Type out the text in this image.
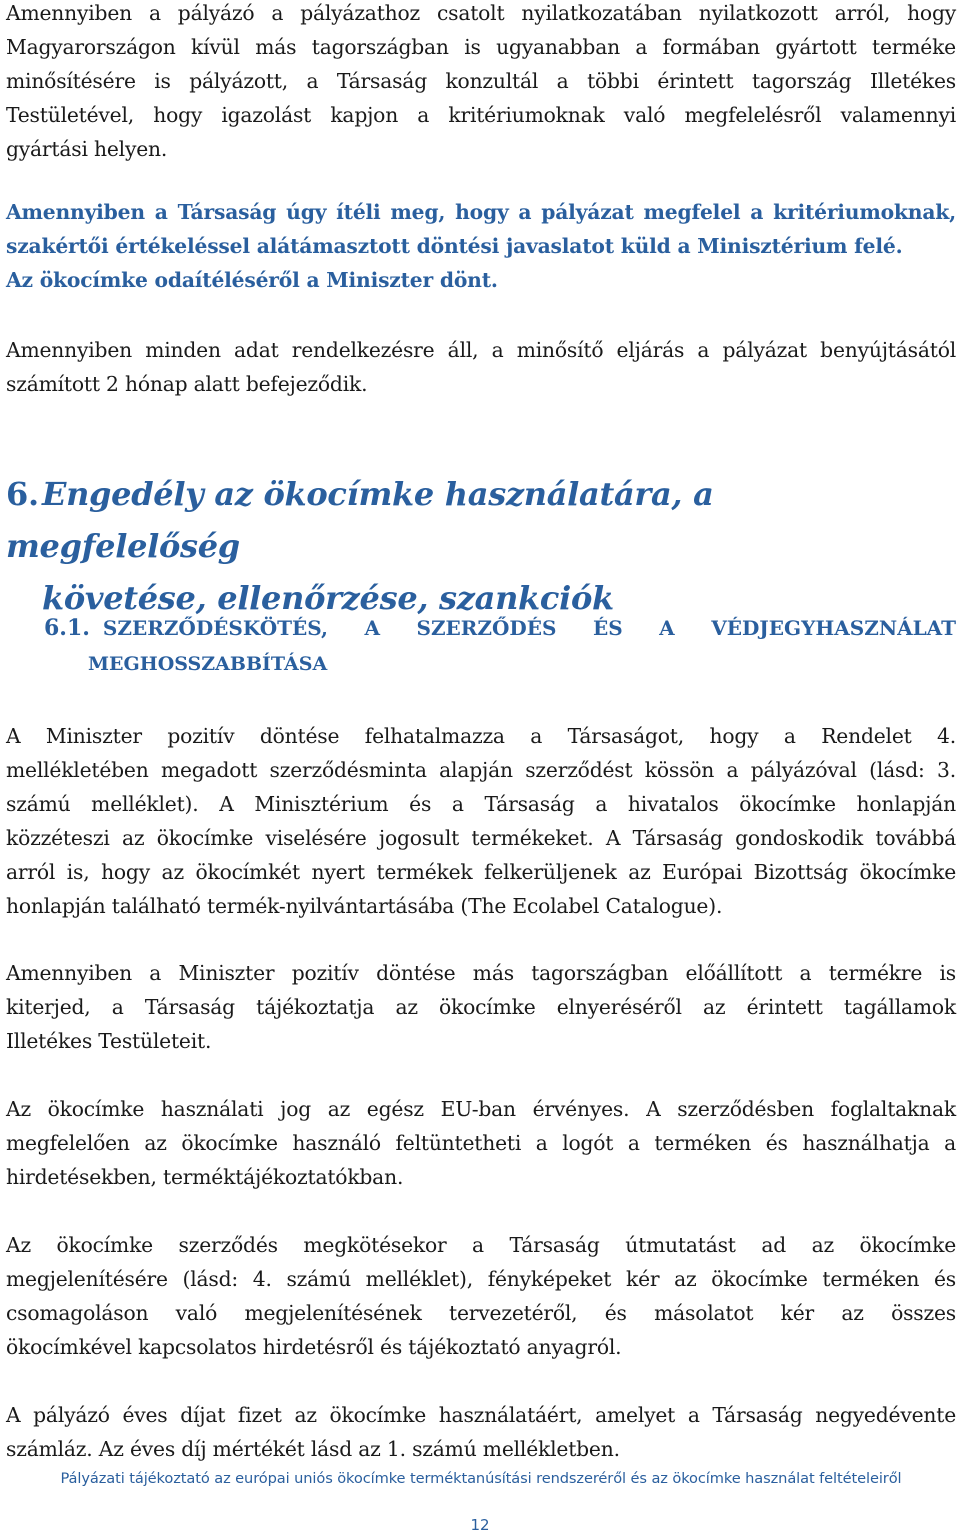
Amennyiben a pályázó a pályázathoz csatolt nyilatkozatában nyilatkozott arról, hogy
Magyarországon kívül más tagországban is ugyanabban a formában gyártott terméke
minősítésére is pályázott, a Társaság konzultál a többi érintett tagország Illetékes
Testületével, hogy igazolást kapjon a kritériumoknak való megfelelésről valamennyi
gyártási helyen.

Amennyiben a Társaság úgy ítéli meg, hogy a pályázat megfelel a kritériumoknak,
szakértői értékeléssel alátámasztott döntési javaslatot küld a Minisztérium felé.
Az ökocímke odaítéléséről a Miniszter dönt.

Amennyiben minden adat rendelkezésre áll, a minősítő eljárás a pályázat benyújtásától
számított 2 hónap alatt befejeződik.

6.Engedély az ökocímke használatára, a megfelelőség
követése, ellenőrzése, szankciók
6.1. SZERZŐDÉSKÖTÉS, A SZERZŐDÉS ÉS A VÉDJEGYHASZNÁLAT
MEGHOSSZABBÍTÁSA

A Miniszter pozitív döntése felhatalmazza a Társaságot, hogy a Rendelet 4.
mellékletében megadott szerződésminta alapján szerződést kössön a pályázóval (lásd: 3.
számú melléklet). A Minisztérium és a Társaság a hivatalos ökocímke honlapján
közzéteszi az ökocímke viselésére jogosult termékeket. A Társaság gondoskodik továbbá
arról is, hogy az ökocímkét nyert termékek felkerüljenek az Európai Bizottság ökocímke
honlapján található termék-nyilvántartásába (The Ecolabel Catalogue).

Amennyiben a Miniszter pozitív döntése más tagországban előállított a termékre is
kiterjed, a Társaság tájékoztatja az ökocímke elnyeréséről az érintett tagállamok
Illetékes Testületeit.

Az ökocímke használati jog az egész EU-ban érvényes. A szerződésben foglaltaknak
megfelelően az ökocímke használó feltüntetheti a logót a terméken és használhatja a
hirdetésekben, terméktájékoztatókban.

Az ökocímke szerződés megkötésekor a Társaság útmutatást ad az ökocímke
megjelenítésére (lásd: 4. számú melléklet), fényképeket kér az ökocímke terméken és
csomagoláson való megjelenítésének tervezetéről, és másolatot kér az összes
ökocímkével kapcsolatos hirdetésről és tájékoztató anyagról.

A pályázó éves díjat fizet az ökocímke használatáért, amelyet a Társaság negyedévente
számláz. Az éves díj mértékét lásd az 1. számú mellékletben.

Pályázati tájékoztató az európai uniós ökocímke terméktanúsítási rendszeréről és az ökocímke használat feltételeiről
12
